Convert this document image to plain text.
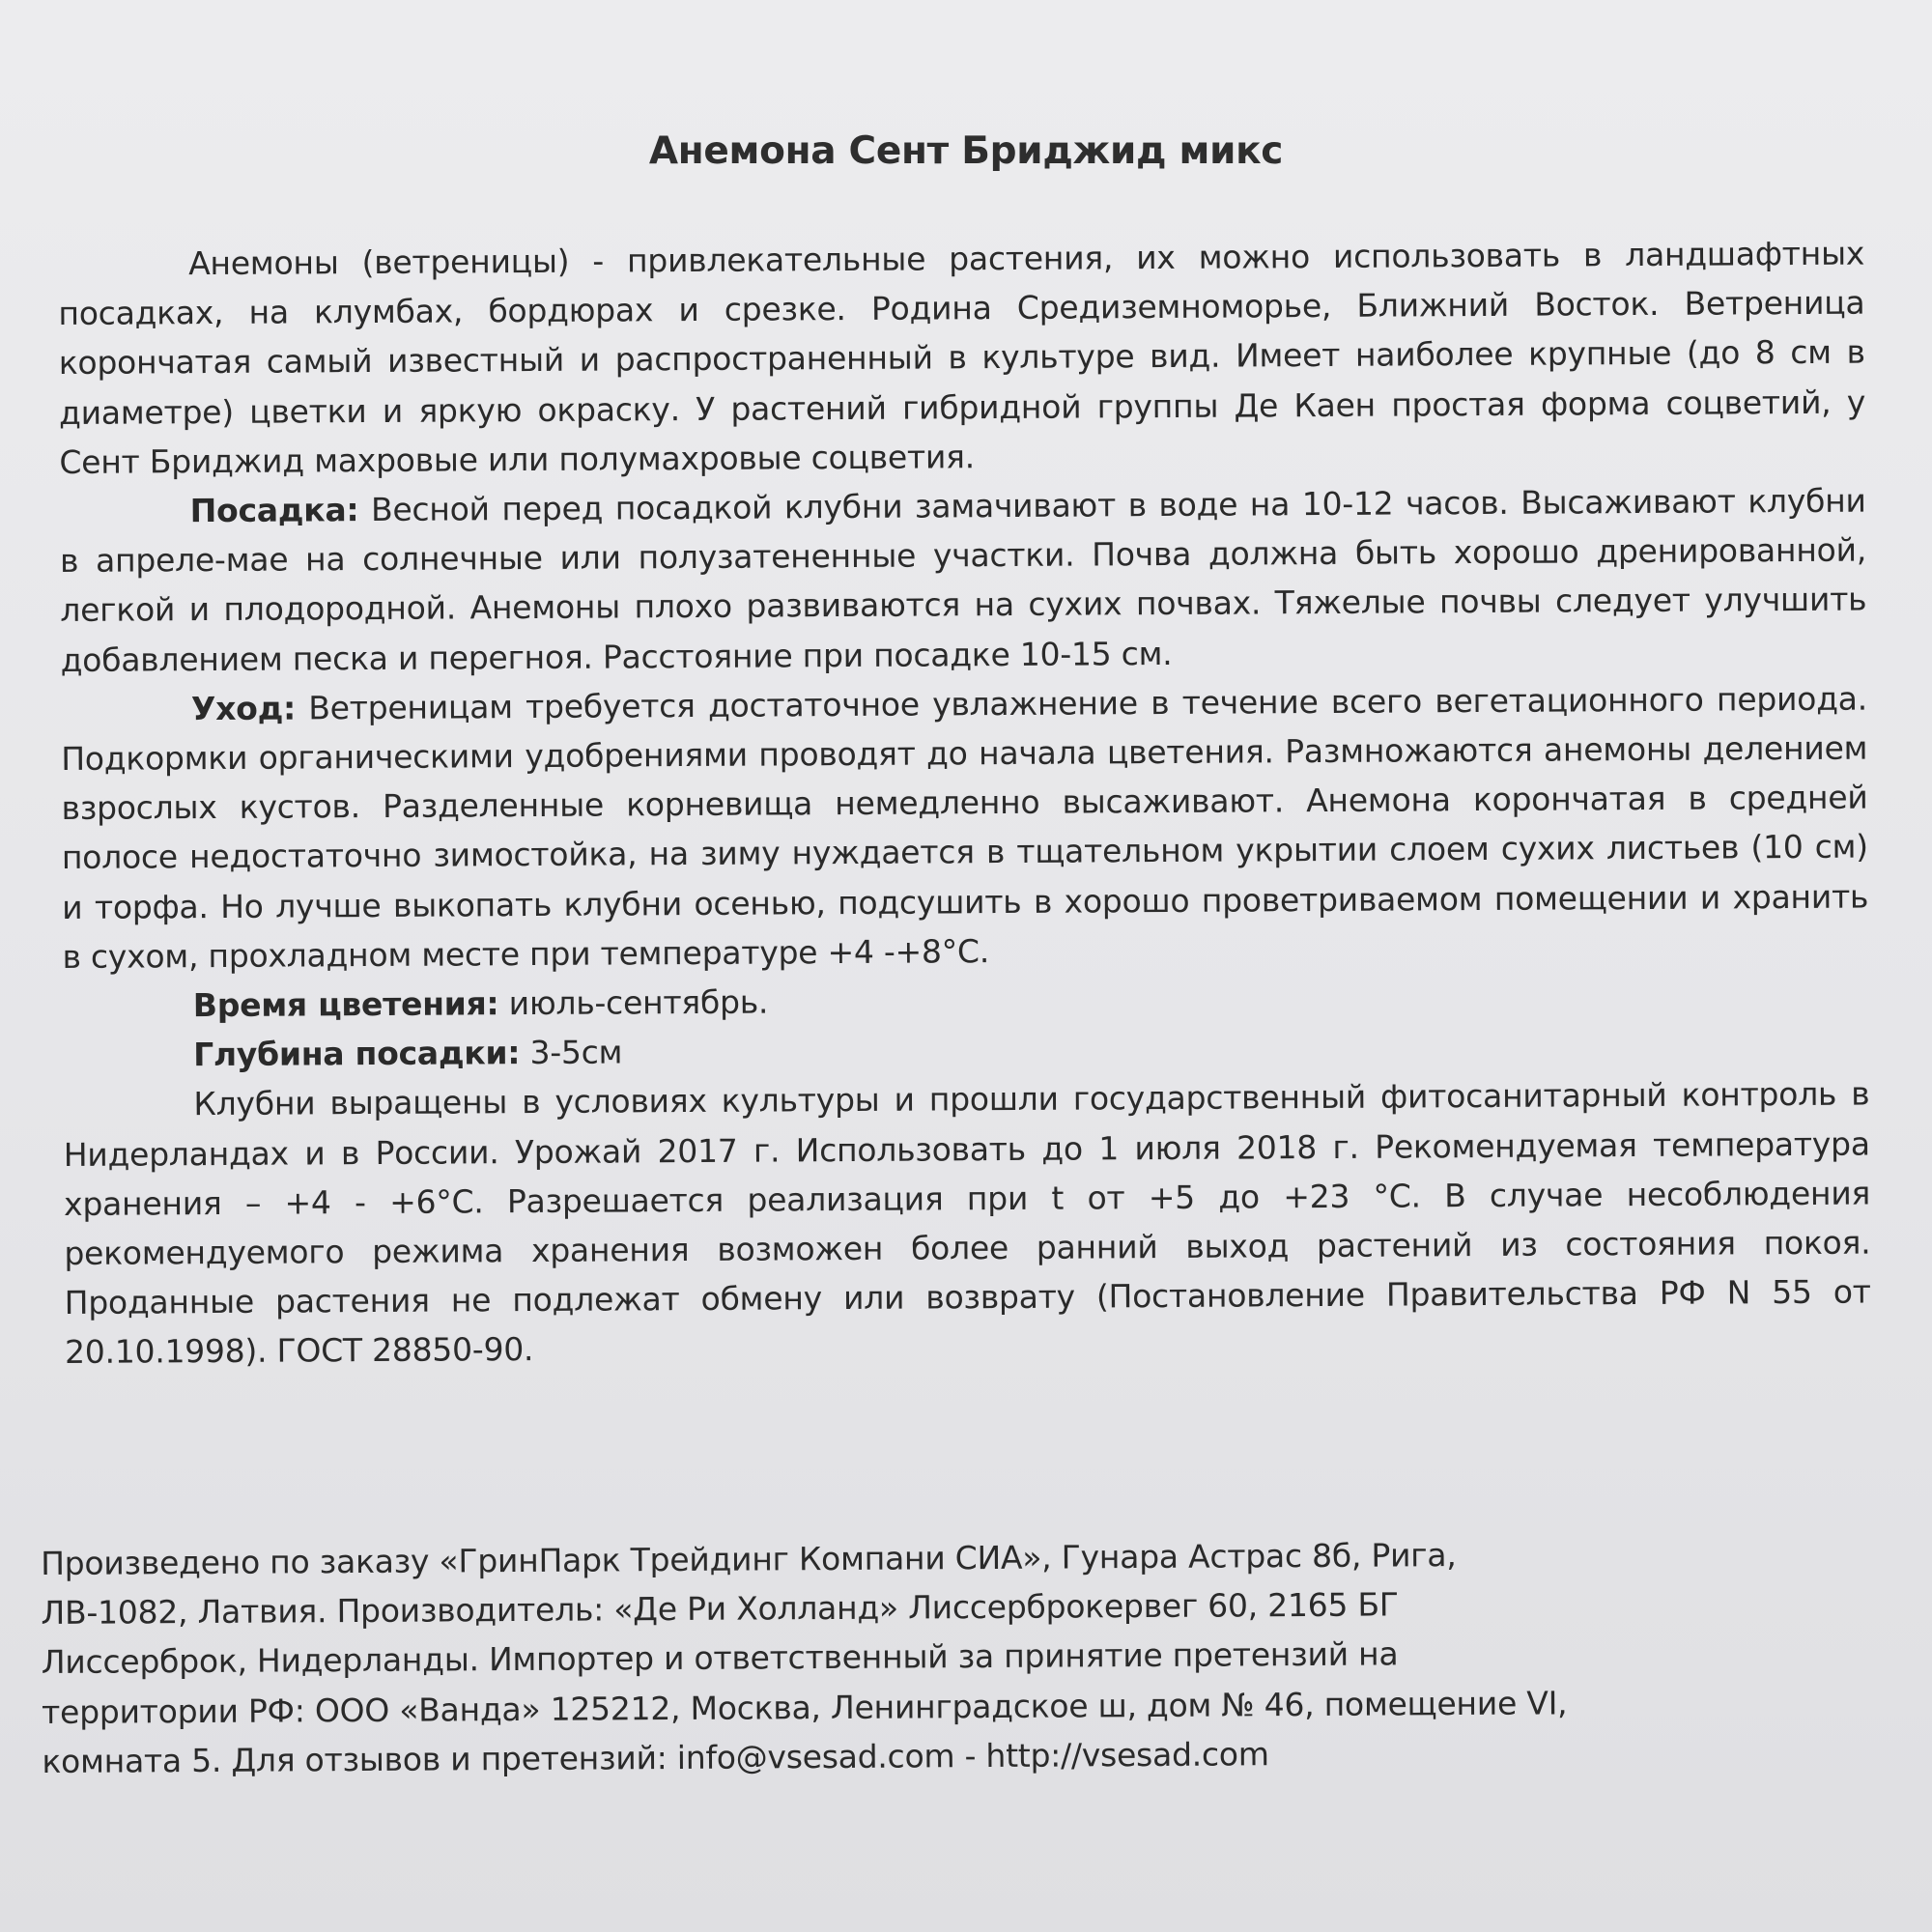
Анемона Сент Бриджид микс

Анемоны (ветреницы) - привлекательные растения, их можно использовать в ландшафтных посадках, на клумбах, бордюрах и срезке. Родина Средиземноморье, Ближний Восток. Ветреница корончатая самый известный и распространенный в культуре вид. Имеет наиболее крупные (до 8 см в диаметре) цветки и яркую окраску. У растений гибридной группы Де Каен простая форма соцветий, у Сент Бриджид махровые или полумахровые соцветия.

Посадка: Весной перед посадкой клубни замачивают в воде на 10-12 часов. Высаживают клубни в апреле-мае на солнечные или полузатененные участки. Почва должна быть хорошо дренированной, легкой и плодородной. Анемоны плохо развиваются на сухих почвах. Тяжелые почвы следует улучшить добавлением песка и перегноя. Расстояние при посадке 10-15 см.

Уход: Ветреницам требуется достаточное увлажнение в течение всего вегетационного периода. Подкормки органическими удобрениями проводят до начала цветения. Размножаются анемоны делением взрослых кустов. Разделенные корневища немедленно высаживают. Анемона корончатая в средней полосе недостаточно зимостойка, на зиму нуждается в тщательном укрытии слоем сухих листьев (10 см) и торфа. Но лучше выкопать клубни осенью, подсушить в хорошо проветриваемом помещении и хранить в сухом, прохладном месте при температуре +4 -+8°С.

Время цветения: июль-сентябрь.

Глубина посадки: 3-5см

Клубни выращены в условиях культуры и прошли государственный фитосанитарный контроль в Нидерландах и в России. Урожай 2017 г. Использовать до 1 июля 2018 г. Рекомендуемая температура хранения – +4 - +6°С. Разрешается реализация при t от +5 до +23 °С. В случае несоблюдения рекомендуемого режима хранения возможен более ранний выход растений из состояния покоя. Проданные растения не подлежат обмену или возврату (Постановление Правительства РФ N 55 от 20.10.1998). ГОСТ 28850-90.

Произведено по заказу «ГринПарк Трейдинг Компани СИА», Гунара Астрас 8б, Рига,
ЛВ-1082, Латвия. Производитель: «Де Ри Холланд» Лиссерброкервег 60, 2165 БГ
Лиссерброк, Нидерланды. Импортер и ответственный за принятие претензий на
территории РФ: ООО «Ванда» 125212, Москва, Ленинградское ш, дом № 46, помещение VI,
комната 5. Для отзывов и претензий: info@vsesad.com - http://vsesad.com
